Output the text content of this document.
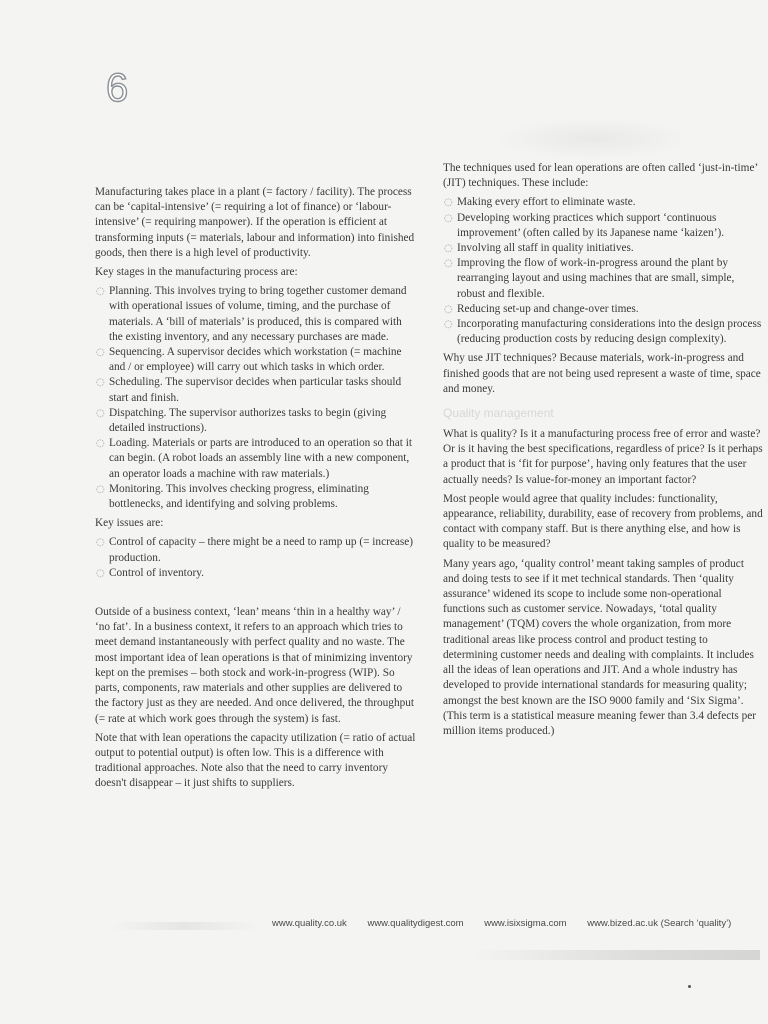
6

Manufacturing takes place in a plant (= factory / facility). The process can be ‘capital-intensive’ (= requiring a lot of finance) or ‘labour-intensive’ (= requiring manpower). If the operation is efficient at transforming inputs (= materials, labour and information) into finished goods, then there is a high level of productivity.

Key stages in the manufacturing process are:

◌ Planning. This involves trying to bring together customer demand with operational issues of volume, timing, and the purchase of materials. A ‘bill of materials’ is produced, this is compared with the existing inventory, and any necessary purchases are made.
◌ Sequencing. A supervisor decides which workstation (= machine and / or employee) will carry out which tasks in which order.
◌ Scheduling. The supervisor decides when particular tasks should start and finish.
◌ Dispatching. The supervisor authorizes tasks to begin (giving detailed instructions).
◌ Loading. Materials or parts are introduced to an operation so that it can begin. (A robot loads an assembly line with a new component, an operator loads a machine with raw materials.)
◌ Monitoring. This involves checking progress, eliminating bottlenecks, and identifying and solving problems.

Key issues are:

◌ Control of capacity – there might be a need to ramp up (= increase) production.
◌ Control of inventory.

Outside of a business context, ‘lean’ means ‘thin in a healthy way’ / ‘no fat’. In a business context, it refers to an approach which tries to meet demand instantaneously with perfect quality and no waste. The most important idea of lean operations is that of minimizing inventory kept on the premises – both stock and work-in-progress (WIP). So parts, components, raw materials and other supplies are delivered to the factory just as they are needed. And once delivered, the throughput (= rate at which work goes through the system) is fast.

Note that with lean operations the capacity utilization (= ratio of actual output to potential output) is often low. This is a difference with traditional approaches. Note also that the need to carry inventory doesn't disappear – it just shifts to suppliers.

The techniques used for lean operations are often called ‘just-in-time’ (JIT) techniques. These include:

◌ Making every effort to eliminate waste.
◌ Developing working practices which support ‘continuous improvement’ (often called by its Japanese name ‘kaizen’).
◌ Involving all staff in quality initiatives.
◌ Improving the flow of work-in-progress around the plant by rearranging layout and using machines that are small, simple, robust and flexible.
◌ Reducing set-up and change-over times.
◌ Incorporating manufacturing considerations into the design process (reducing production costs by reducing design complexity).

Why use JIT techniques? Because materials, work-in-progress and finished goods that are not being used represent a waste of time, space and money.

Quality management

What is quality? Is it a manufacturing process free of error and waste? Or is it having the best specifications, regardless of price? Is it perhaps a product that is ‘fit for purpose’, having only features that the user actually needs? Is value-for-money an important factor?

Most people would agree that quality includes: functionality, appearance, reliability, durability, ease of recovery from problems, and contact with company staff. But is there anything else, and how is quality to be measured?

Many years ago, ‘quality control’ meant taking samples of product and doing tests to see if it met technical standards. Then ‘quality assurance’ widened its scope to include some non-operational functions such as customer service. Nowadays, ‘total quality management’ (TQM) covers the whole organization, from more traditional areas like process control and product testing to determining customer needs and dealing with complaints. It includes all the ideas of lean operations and JIT. And a whole industry has developed to provide international standards for measuring quality; amongst the best known are the ISO 9000 family and ‘Six Sigma’. (This term is a statistical measure meaning fewer than 3.4 defects per million items produced.)

www.quality.co.uk www.qualitydigest.com www.isixsigma.com www.bized.ac.uk (Search ‘quality’)
